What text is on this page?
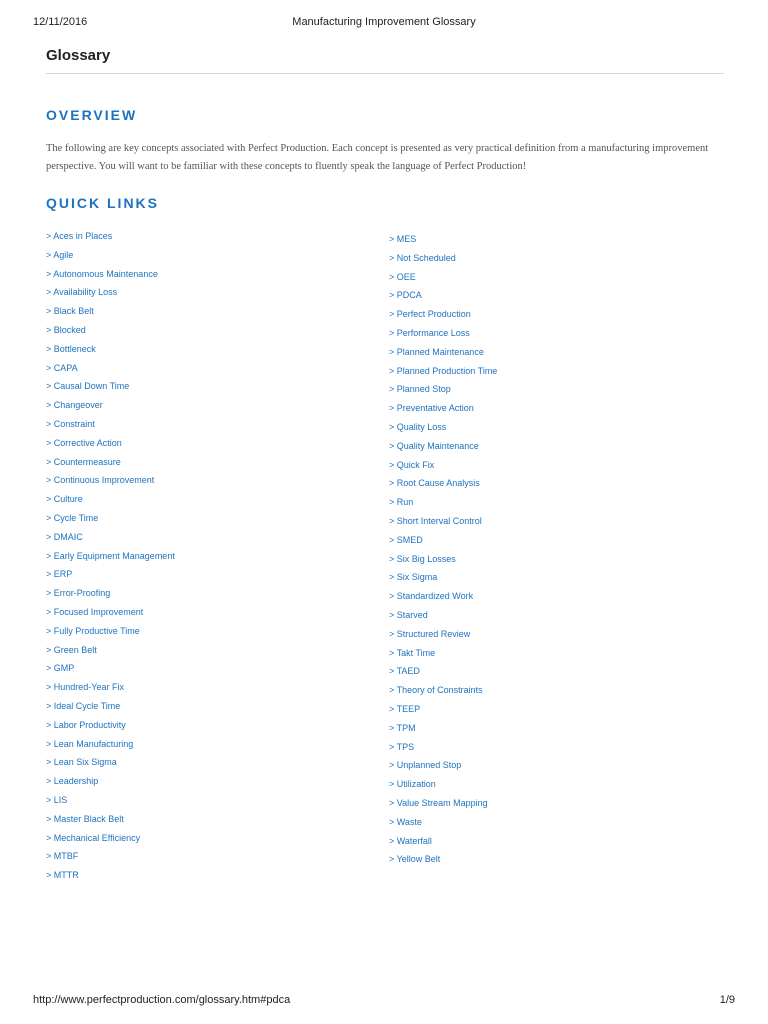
12/11/2016	Manufacturing Improvement Glossary
Glossary
OVERVIEW

The following are key concepts associated with Perfect Production. Each concept is presented as very practical definition from a manufacturing improvement perspective. You will want to be familiar with these concepts to fluently speak the language of Perfect Production!

QUICK LINKS
> Aces in Places
> Agile
> Autonomous Maintenance
> Availability Loss
> Black Belt
> Blocked
> Bottleneck
> CAPA
> Causal Down Time
> Changeover
> Constraint
> Corrective Action
> Countermeasure
> Continuous Improvement
> Culture
> Cycle Time
> DMAIC
> Early Equipment Management
> ERP
> Error-Proofing
> Focused Improvement
> Fully Productive Time
> Green Belt
> GMP
> Hundred-Year Fix
> Ideal Cycle Time
> Labor Productivity
> Lean Manufacturing
> Lean Six Sigma
> Leadership
> LIS
> Master Black Belt
> Mechanical Efficiency
> MTBF
> MTTR
> MES
> Not Scheduled
> OEE
> PDCA
> Perfect Production
> Performance Loss
> Planned Maintenance
> Planned Production Time
> Planned Stop
> Preventative Action
> Quality Loss
> Quality Maintenance
> Quick Fix
> Root Cause Analysis
> Run
> Short Interval Control
> SMED
> Six Big Losses
> Six Sigma
> Standardized Work
> Starved
> Structured Review
> Takt Time
> TAED
> Theory of Constraints
> TEEP
> TPM
> TPS
> Unplanned Stop
> Utilization
> Value Stream Mapping
> Waste
> Waterfall
> Yellow Belt
http://www.perfectproduction.com/glossary.htm#pdca	1/9
